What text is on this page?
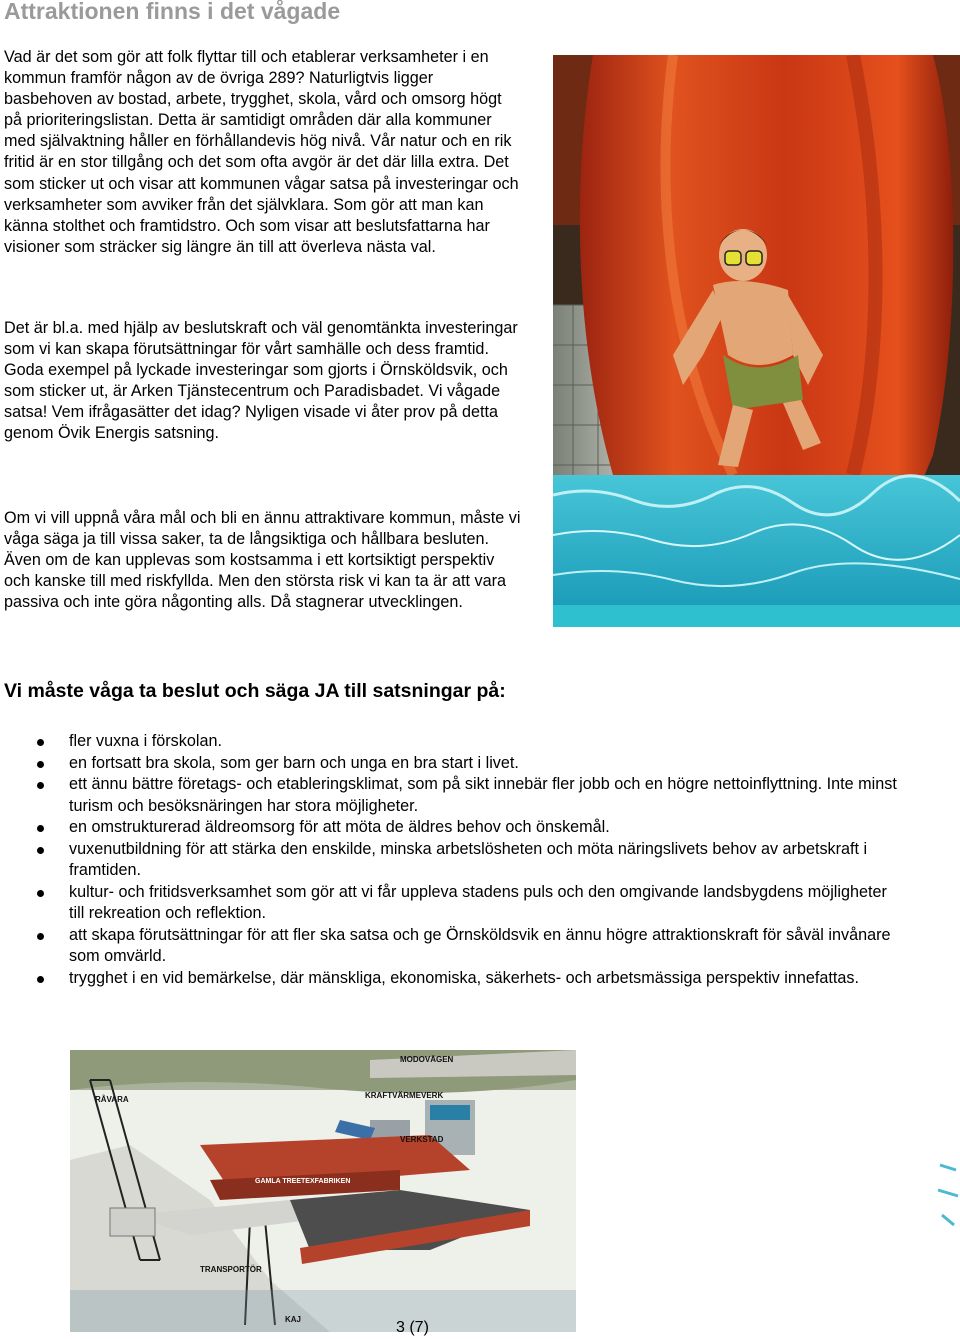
Attraktionen finns i det vågade

Vad är det som gör att folk flyttar till och etablerar verksamheter i en kommun framför någon av de övriga 289? Naturligtvis ligger basbehoven av bostad, arbete, trygghet, skola, vård och omsorg högt på prioriteringslistan. Detta är samtidigt områden där alla kommuner med självaktning håller en förhållandevis hög nivå. Vår natur och en rik fritid är en stor tillgång och det som ofta avgör är det där lilla extra. Det som sticker ut och visar att kommunen vågar satsa på investeringar och verksamheter som avviker från det självklara. Som gör att man kan känna stolthet och framtidstro. Och som visar att beslutsfattarna har visioner som sträcker sig längre än till att överleva nästa val.

Det är bl.a. med hjälp av beslutskraft och väl genomtänkta investeringar som vi kan skapa förutsättningar för vårt samhälle och dess framtid. Goda exempel på lyckade investeringar som gjorts i Örnsköldsvik, och som sticker ut, är Arken Tjänstecentrum och Paradisbadet. Vi vågade satsa! Vem ifrågasätter det idag? Nyligen visade vi åter prov på detta genom Övik Energis satsning.

Om vi vill uppnå våra mål och bli en ännu attraktivare kommun, måste vi våga säga ja till vissa saker, ta de långsiktiga och hållbara besluten. Även om de kan upplevas som kostsamma i ett kortsiktigt perspektiv och kanske till med riskfyllda. Men den största risk vi kan ta är att vara passiva och inte göra någonting alls. Då stagnerar utvecklingen.

Vi måste våga ta beslut och säga JA till satsningar på:
fler vuxna i förskolan.
en fortsatt bra skola, som ger barn och unga en bra start i livet.
ett ännu bättre företags- och etableringsklimat, som på sikt innebär fler jobb och en högre nettoinflyttning. Inte minst turism och besöksnäringen har stora möjligheter.
en omstrukturerad äldreomsorg för att möta de äldres behov och önskemål.
vuxenutbildning för att stärka den enskilde, minska arbetslösheten och möta näringslivets behov av arbetskraft i framtiden.
kultur- och fritidsverksamhet som gör att vi får uppleva stadens puls och den omgivande landsbygdens möjligheter till rekreation och reflektion.
att skapa förutsättningar för att fler ska satsa och ge Örnsköldsvik en ännu högre attraktionskraft för såväl invånare som omvärld.
trygghet i en vid bemärkelse, där mänskliga, ekonomiska, säkerhets- och arbetsmässiga perspektiv innefattas.
RÅVARA
MODOVÄGEN
KRAFTVÄRMEVERK
VERKSTAD
GAMLA TREETEXFABRIKEN
TRANSPORTÖR
KAJ	3 (7)
